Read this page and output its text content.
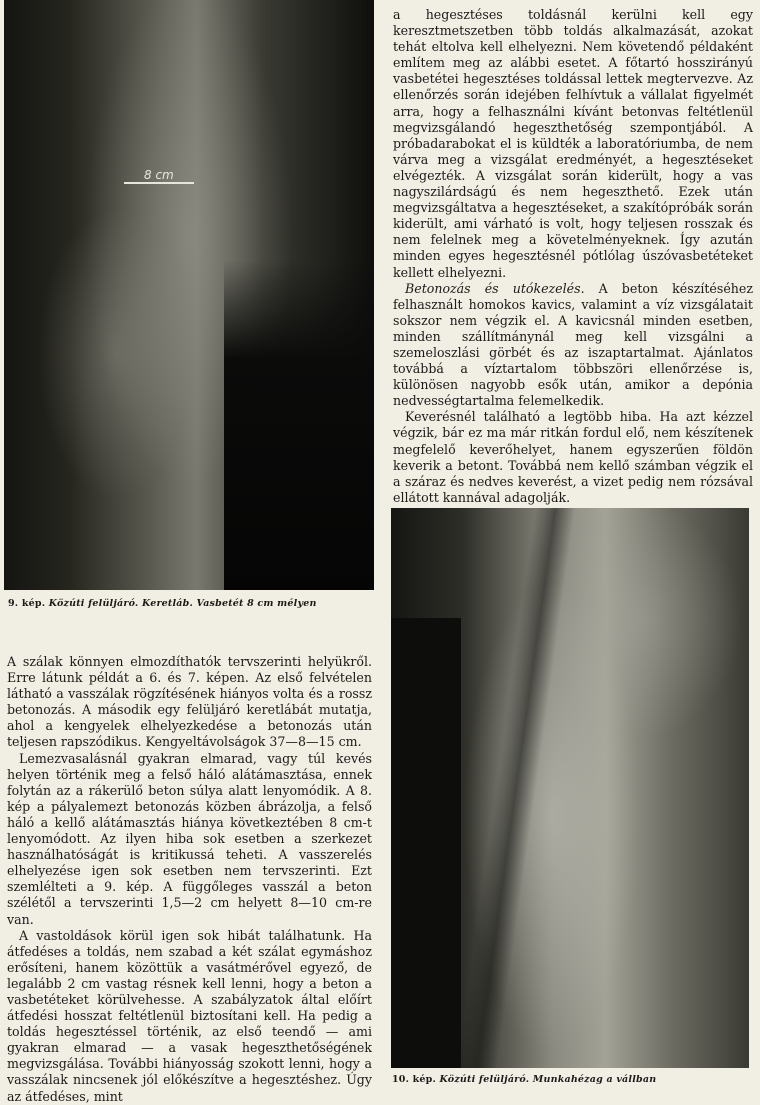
8 cm

9. kép. Közúti felüljáró. Keretláb. Vasbetét 8 cm mélyen

a hegesztéses toldásnál kerülni kell egy keresztmetszetben több toldás alkalmazását, azokat tehát eltolva kell elhelyezni. Nem követendő példaként említem meg az alábbi esetet. A főtartó hosszirányú vasbetétei hegesztéses toldással lettek megtervezve. Az ellenőrzés során idejében felhívtuk a vállalat figyelmét arra, hogy a felhasználni kívánt betonvas feltétlenül megvizsgálandó hegeszthetőség szempontjából. A próbadarabokat el is küldték a laboratóriumba, de nem várva meg a vizsgálat eredményét, a hegesztéseket elvégezték. A vizsgálat során kiderült, hogy a vas nagyszilárdságú és nem hegeszthető. Ezek után megvizsgáltatva a hegesztéseket, a szakítópróbák során kiderült, ami várható is volt, hogy teljesen rosszak és nem felelnek meg a követelményeknek. Így azután minden egyes hegesztésnél pótlólag úszóvasbetéteket kellett elhelyezni.

Betonozás és utókezelés. A beton készítéséhez felhasznált homokos kavics, valamint a víz vizsgálatait sokszor nem végzik el. A kavicsnál minden esetben, minden szállítmánynál meg kell vizsgálni a szemeloszlási görbét és az iszaptartalmat. Ajánlatos továbbá a víztartalom többszöri ellenőrzése is, különösen nagyobb esők után, amikor a depónia nedvességtartalma felemelkedik.

Keverésnél található a legtöbb hiba. Ha azt kézzel végzik, bár ez ma már ritkán fordul elő, nem készítenek megfelelő keverőhelyet, hanem egyszerűen földön keverik a betont. Továbbá nem kellő számban végzik el a száraz és nedves keverést, a vizet pedig nem rózsával ellátott kannával adagolják.

10. kép. Közúti felüljáró. Munkahézag a vállban

A szálak könnyen elmozdíthatók tervszerinti helyükről. Erre látunk példát a 6. és 7. képen. Az első felvételen látható a vasszálak rögzítésének hiányos volta és a rossz betonozás. A második egy felüljáró keretlábát mutatja, ahol a kengyelek elhelyezkedése a betonozás után teljesen rapszódikus. Kengyeltávolságok 37—8—15 cm.

Lemezvasalásnál gyakran elmarad, vagy túl kevés helyen történik meg a felső háló alátámasztása, ennek folytán az a rákerülő beton súlya alatt lenyomódik. A 8. kép a pályalemezt betonozás közben ábrázolja, a felső háló a kellő alátámasztás hiánya következtében 8 cm-t lenyomódott. Az ilyen hiba sok esetben a szerkezet használhatóságát is kritikussá teheti. A vasszerelés elhelyezése igen sok esetben nem tervszerinti. Ezt szemlélteti a 9. kép. A függőleges vasszál a beton szélétől a tervszerinti 1,5—2 cm helyett 8—10 cm-re van.

A vastoldások körül igen sok hibát találhatunk. Ha átfedéses a toldás, nem szabad a két szálat egymáshoz erősíteni, hanem közöttük a vasátmérővel egyező, de legalább 2 cm vastag résnek kell lenni, hogy a beton a vasbetéteket körülvehesse. A szabályzatok által előírt átfedési hosszat feltétlenül biztosítani kell. Ha pedig a toldás hegesztéssel történik, az első teendő — ami gyakran elmarad — a vasak hegeszthetőségének megvizsgálása. További hiányosság szokott lenni, hogy a vasszálak nincsenek jól előkészítve a hegesztéshez. Úgy az átfedéses, mint
